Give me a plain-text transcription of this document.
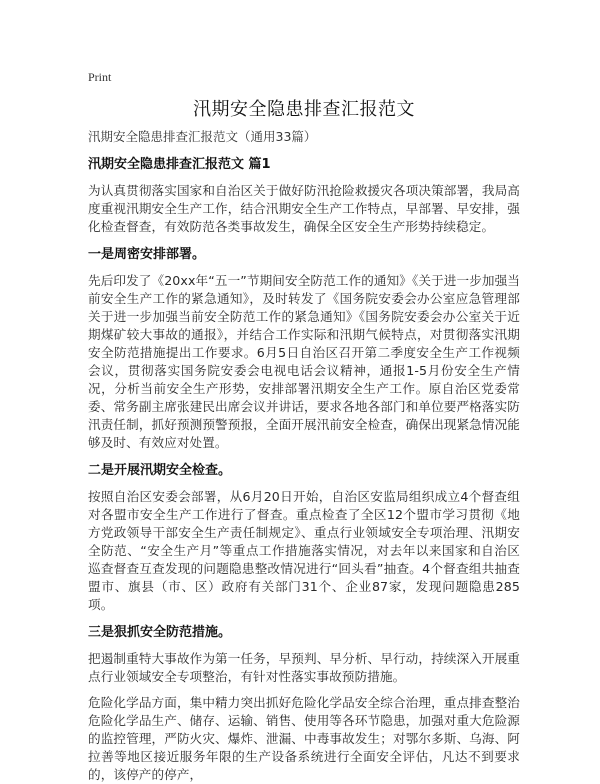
Print
汛期安全隐患排查汇报范文
汛期安全隐患排查汇报范文（通用33篇）
汛期安全隐患排查汇报范文 篇1

为认真贯彻落实国家和自治区关于做好防汛抢险救援灾各项决策部署，我局高度重视汛期安全生产工作，结合汛期安全生产工作特点，早部署、早安排，强化检查督查，有效防范各类事故发生，确保全区安全生产形势持续稳定。

一是周密安排部署。

先后印发了《20xx年“五一”节期间安全防范工作的通知》《关于进一步加强当前安全生产工作的紧急通知》，及时转发了《国务院安委会办公室应急管理部关于进一步加强当前安全防范工作的紧急通知》《国务院安委会办公室关于近期煤矿较大事故的通报》，并结合工作实际和汛期气候特点，对贯彻落实汛期安全防范措施提出工作要求。6月5日自治区召开第二季度安全生产工作视频会议，贯彻落实国务院安委会电视电话会议精神，通报1-5月份安全生产情况，分析当前安全生产形势，安排部署汛期安全生产工作。原自治区党委常委、常务副主席张建民出席会议并讲话，要求各地各部门和单位要严格落实防汛责任制，抓好预测预警预报，全面开展汛前安全检查，确保出现紧急情况能够及时、有效应对处置。

二是开展汛期安全检查。

按照自治区安委会部署，从6月20日开始，自治区安监局组织成立4个督查组对各盟市安全生产工作进行了督查。重点检查了全区12个盟市学习贯彻《地方党政领导干部安全生产责任制规定》、重点行业领域安全专项治理、汛期安全防范、“安全生产月”等重点工作措施落实情况，对去年以来国家和自治区巡查督查互查发现的问题隐患整改情况进行“回头看”抽查。4个督查组共抽查盟市、旗县（市、区）政府有关部门31个、企业87家，发现问题隐患285项。

三是狠抓安全防范措施。

把遏制重特大事故作为第一任务，早预判、早分析、早行动，持续深入开展重点行业领域安全专项整治，有针对性落实事故预防措施。

危险化学品方面，集中精力突出抓好危险化学品安全综合治理，重点排查整治危险化学品生产、储存、运输、销售、使用等各环节隐患，加强对重大危险源的监控管理，严防火灾、爆炸、泄漏、中毒事故发生；对鄂尔多斯、乌海、阿拉善等地区接近服务年限的生产设备系统进行全面安全评估，凡达不到要求的，该停产的停产，
